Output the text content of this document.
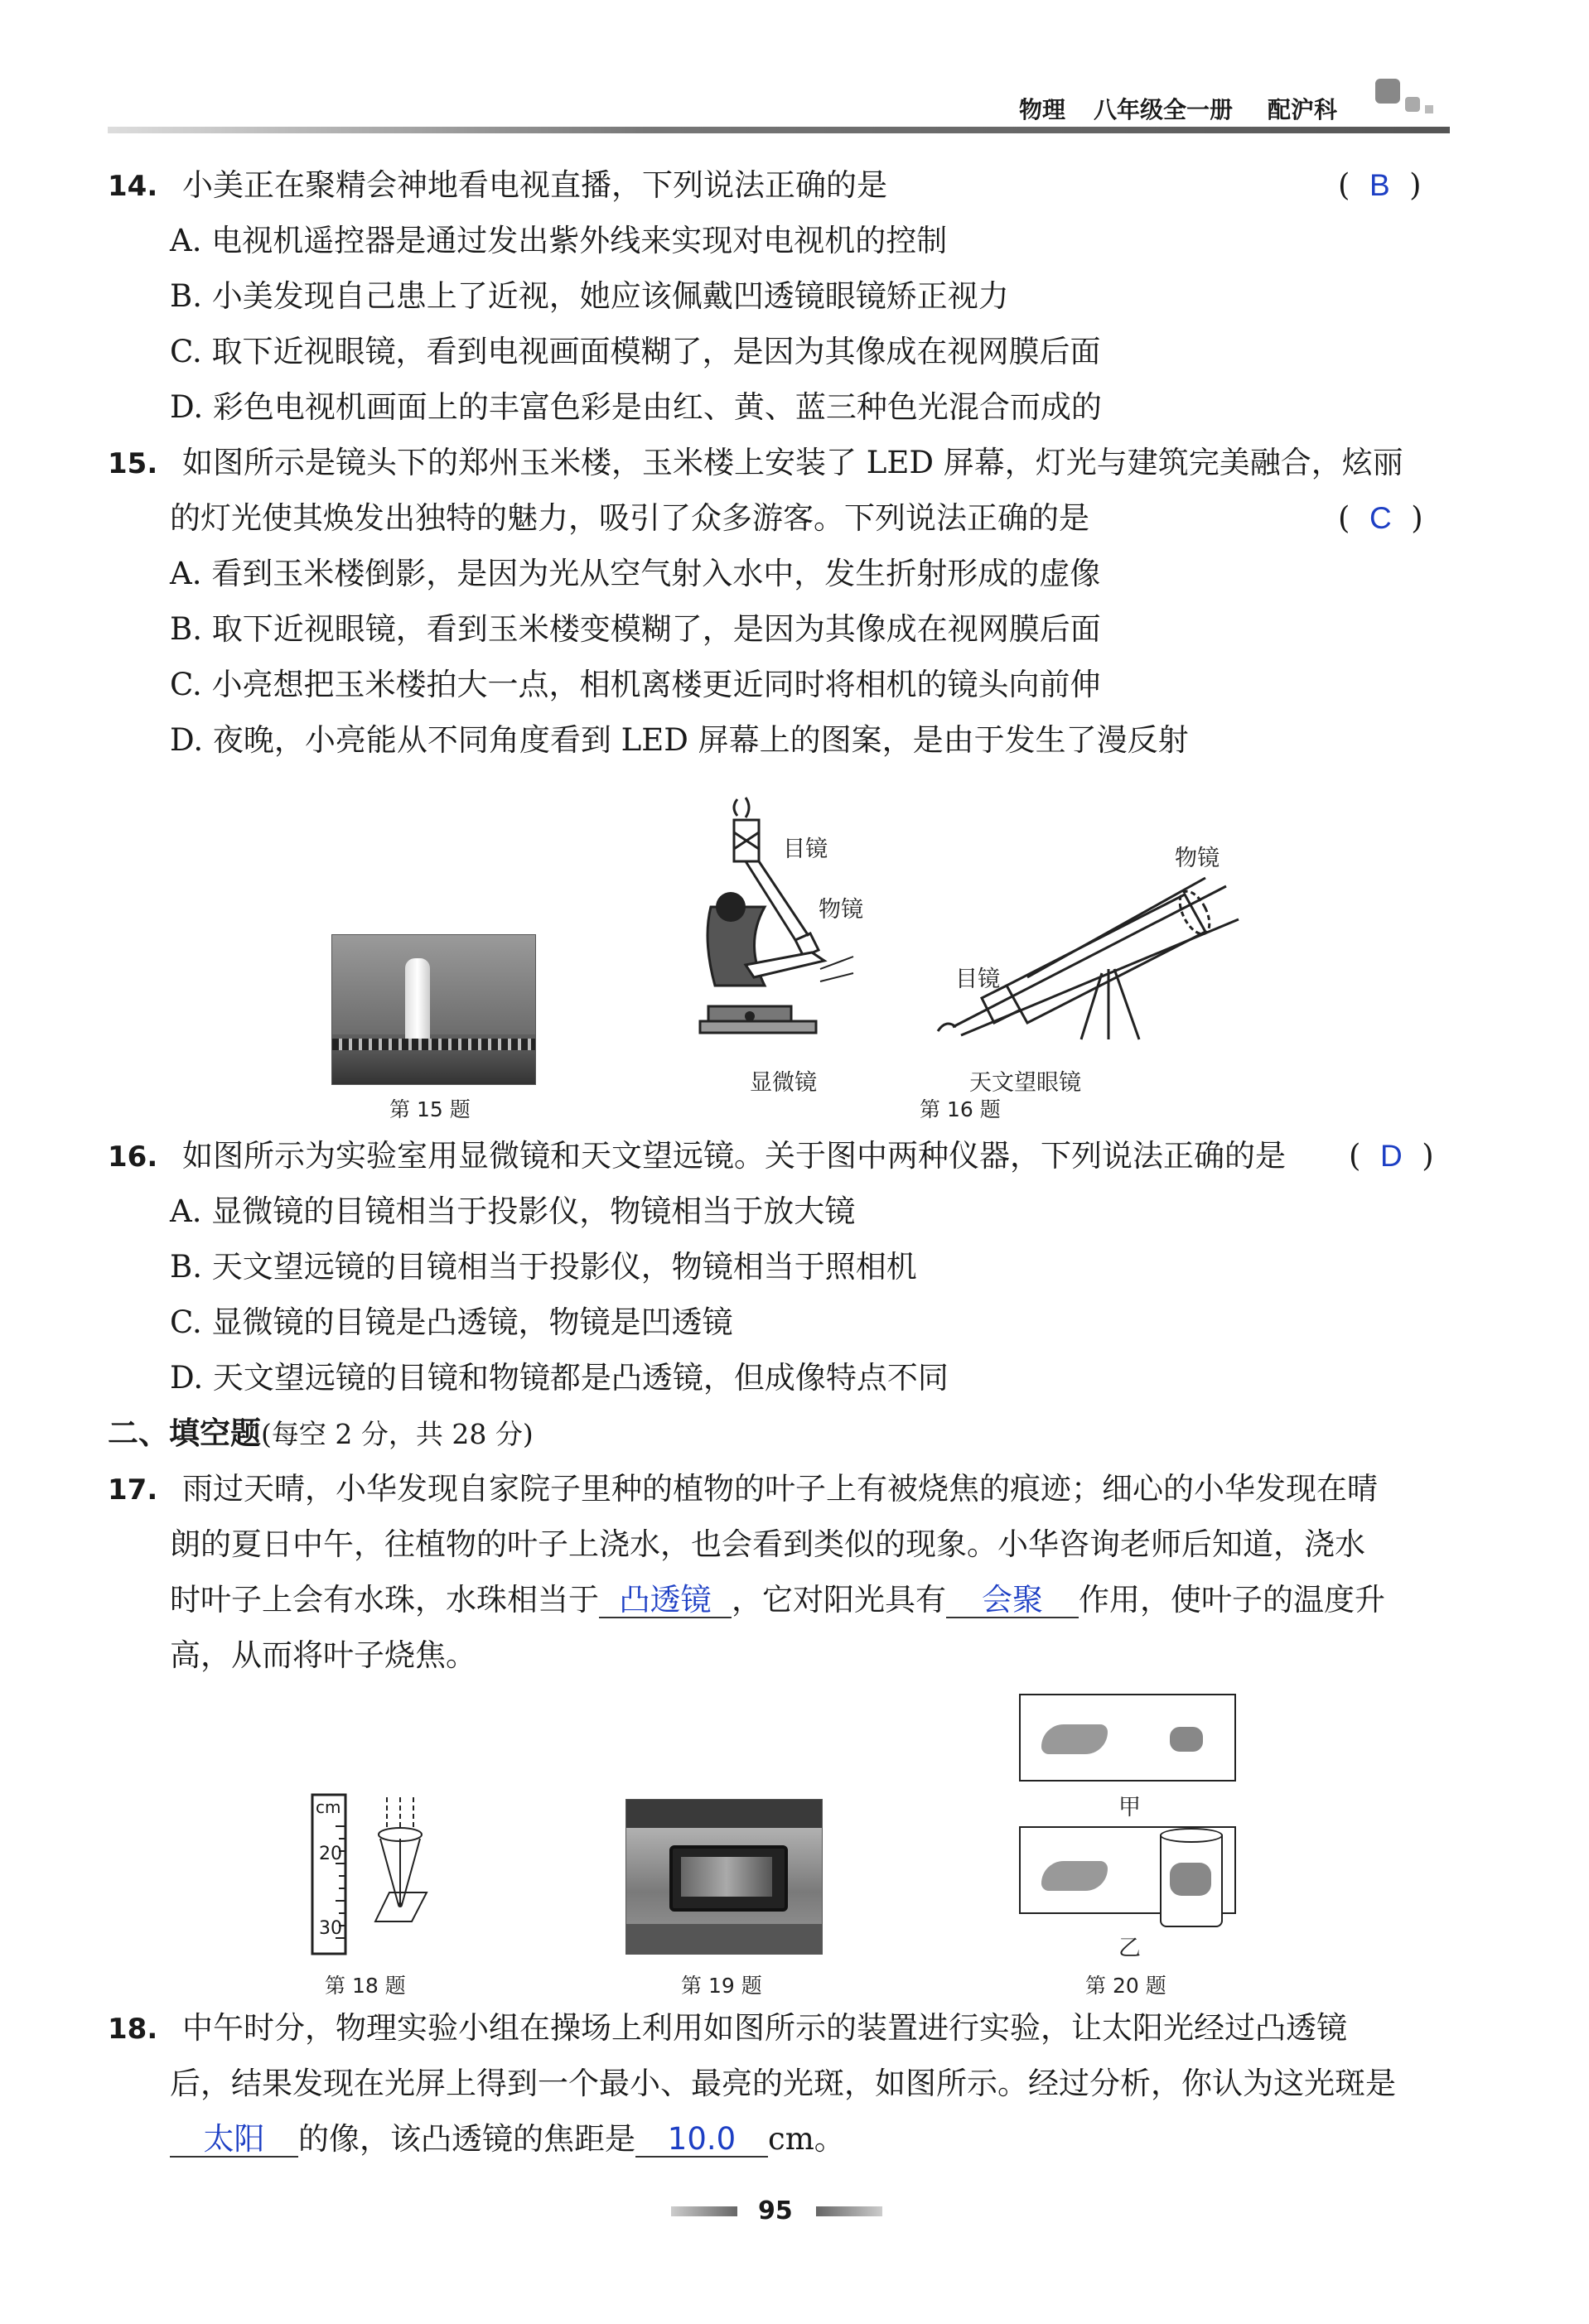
物理 八年级全一册 配沪科
14. 小美正在聚精会神地看电视直播，下列说法正确的是	(  B  )
A. 电视机遥控器是通过发出紫外线来实现对电视机的控制
B. 小美发现自己患上了近视，她应该佩戴凹透镜眼镜矫正视力
C. 取下近视眼镜，看到电视画面模糊了，是因为其像成在视网膜后面
D. 彩色电视机画面上的丰富色彩是由红、黄、蓝三种色光混合而成的
15. 如图所示是镜头下的郑州玉米楼，玉米楼上安装了 LED 屏幕，灯光与建筑完美融合，炫丽
的灯光使其焕发出独特的魅力，吸引了众多游客。下列说法正确的是	(  C  )
A. 看到玉米楼倒影，是因为光从空气射入水中，发生折射形成的虚像
B. 取下近视眼镜，看到玉米楼变模糊了，是因为其像成在视网膜后面
C. 小亮想把玉米楼拍大一点，相机离楼更近同时将相机的镜头向前伸
D. 夜晚，小亮能从不同角度看到 LED 屏幕上的图案，是由于发生了漫反射
第 15 题
目镜
物镜
显微镜
物镜
目镜
天文望眼镜
第 16 题
16. 如图所示为实验室用显微镜和天文望远镜。关于图中两种仪器，下列说法正确的是 (  D  )
A. 显微镜的目镜相当于投影仪，物镜相当于放大镜
B. 天文望远镜的目镜相当于投影仪，物镜相当于照相机
C. 显微镜的目镜是凸透镜，物镜是凹透镜
D. 天文望远镜的目镜和物镜都是凸透镜，但成像特点不同
二、填空题(每空 2 分，共 28 分)
17. 雨过天晴，小华发现自家院子里种的植物的叶子上有被烧焦的痕迹；细心的小华发现在晴
朗的夏日中午，往植物的叶子上浇水，也会看到类似的现象。小华咨询老师后知道，浇水
时叶子上会有水珠，水珠相当于 凸透镜 ，它对阳光具有 会聚 作用，使叶子的温度升
高，从而将叶子烧焦。
cm
20
30
第 18 题	第 19 题
甲
乙
第 20 题
18. 中午时分，物理实验小组在操场上利用如图所示的装置进行实验，让太阳光经过凸透镜
后，结果发现在光屏上得到一个最小、最亮的光斑，如图所示。经过分析，你认为这光斑是
太阳 的像，该凸透镜的焦距是 10.0 cm。
95
